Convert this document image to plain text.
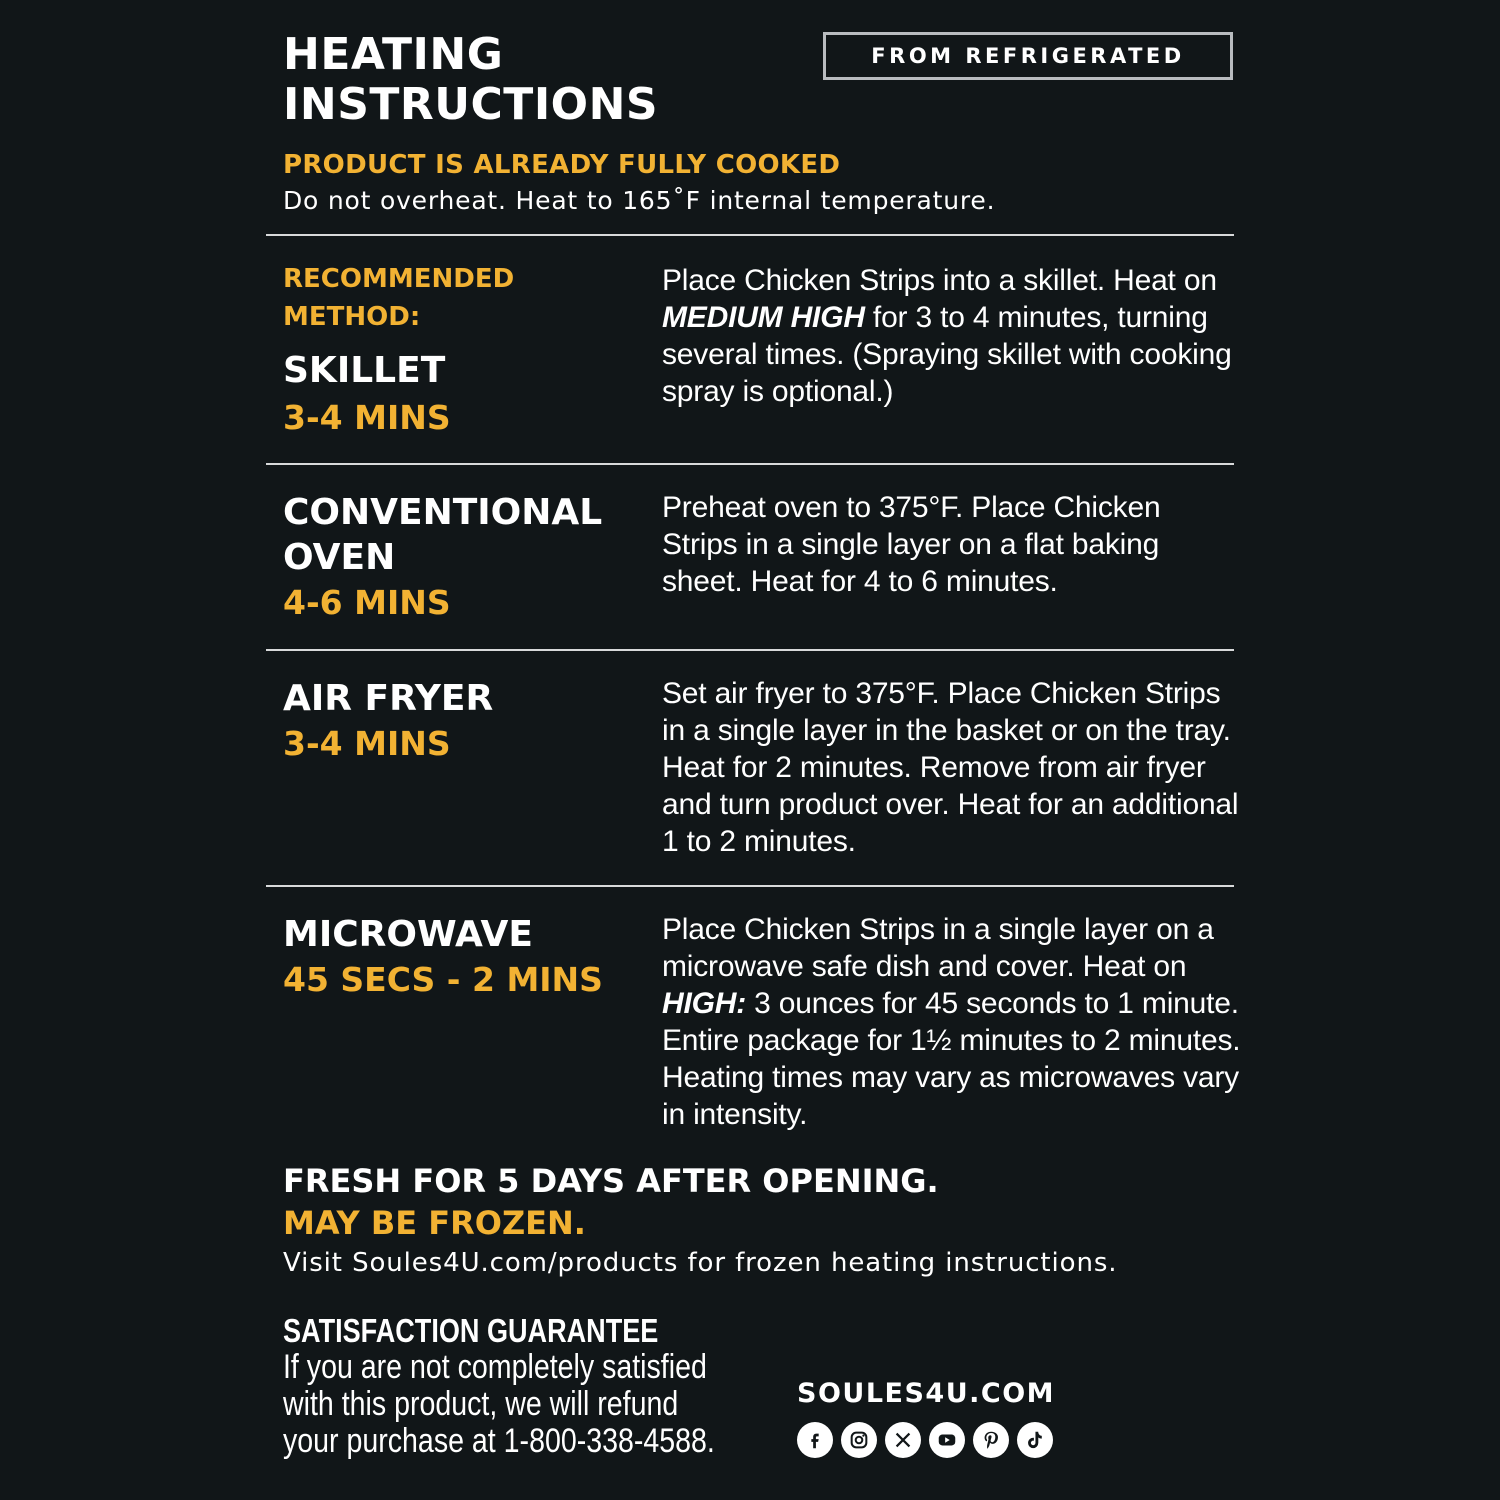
HEATING
INSTRUCTIONS
FROM REFRIGERATED
PRODUCT IS ALREADY FULLY COOKED
Do not overheat. Heat to 165˚F internal temperature.
RECOMMENDED
METHOD:
SKILLET
3-4 MINS

Place Chicken Strips into a skillet. Heat on MEDIUM HIGH for 3 to 4 minutes, turning several times. (Spraying skillet with cooking spray is optional.)

CONVENTIONAL
OVEN
4-6 MINS

Preheat oven to 375°F. Place Chicken Strips in a single layer on a flat baking sheet. Heat for 4 to 6 minutes.

AIR FRYER
3-4 MINS

Set air fryer to 375°F. Place Chicken Strips in a single layer in the basket or on the tray. Heat for 2 minutes. Remove from air fryer and turn product over. Heat for an additional 1 to 2 minutes.

MICROWAVE
45 SECS - 2 MINS

Place Chicken Strips in a single layer on a microwave safe dish and cover. Heat on HIGH: 3 ounces for 45 seconds to 1 minute. Entire package for 1½ minutes to 2 minutes. Heating times may vary as microwaves vary in intensity.

FRESH FOR 5 DAYS AFTER OPENING.
MAY BE FROZEN.
Visit Soules4U.com/products for frozen heating instructions.
SATISFACTION GUARANTEE
If you are not completely satisfied with this product, we will refund your purchase at 1-800-338-4588.
SOULES4U.COM
